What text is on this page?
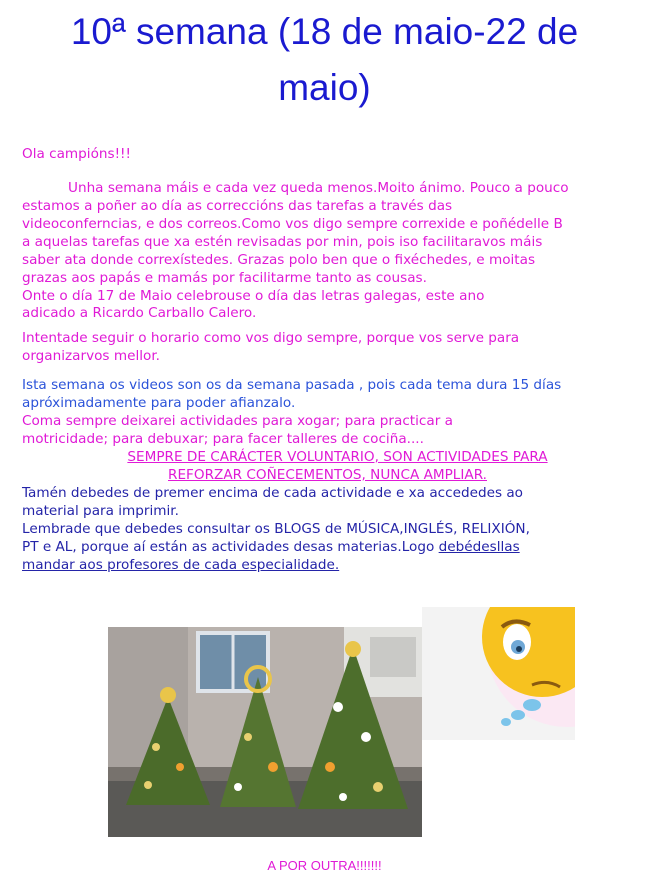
10ª semana (18 de maio-22 de
maio)

Ola campións!!!

Unha semana máis e cada vez queda menos.Moito ánimo. Pouco a pouco

estamos a poñer ao día as correccións das tarefas a través das

videoconferncias, e dos correos.Como vos digo sempre correxide e poñédelle B

a aquelas tarefas que xa estén revisadas por min, pois iso facilitaravos máis

saber ata donde correxístedes. Grazas polo ben que o fixéchedes, e moitas

grazas aos papás e mamás por facilitarme tanto as cousas.

Onte o día 17 de Maio celebrouse o día das letras galegas, este ano

adicado a Ricardo Carballo Calero.

Intentade seguir o horario como vos digo sempre, porque vos serve para

organizarvos mellor.

Ista semana os videos son os da semana pasada , pois cada tema dura 15 días

apróximadamente para poder afianzalo.

Coma sempre deixarei actividades para xogar; para practicar a

motricidade; para debuxar; para facer talleres de cociña....

SEMPRE DE CARÁCTER VOLUNTARIO, SON ACTIVIDADES PARA

REFORZAR COÑECEMENTOS, NUNCA AMPLIAR.

Tamén debedes de premer encima de cada actividade e xa accededes ao

material para imprimir.

Lembrade que debedes consultar os BLOGS de MÚSICA,INGLÉS, RELIXIÓN,

PT e AL, porque aí están as actividades desas materias.Logo debédesllas

mandar aos profesores de cada especialidade.

A POR OUTRA!!!!!!!
